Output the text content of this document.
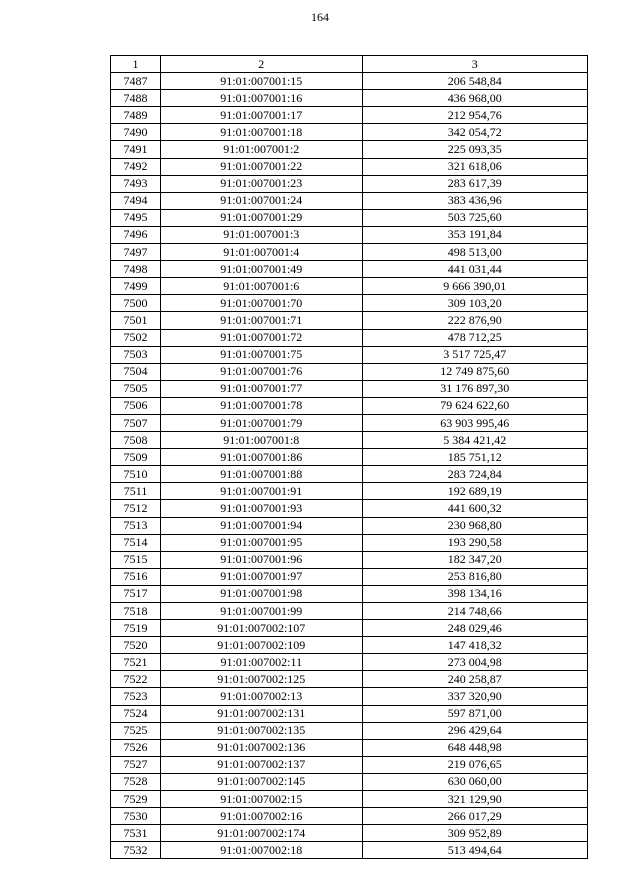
164
1	2	3
7487	91:01:007001:15	206 548,84
7488	91:01:007001:16	436 968,00
7489	91:01:007001:17	212 954,76
7490	91:01:007001:18	342 054,72
7491	91:01:007001:2	225 093,35
7492	91:01:007001:22	321 618,06
7493	91:01:007001:23	283 617,39
7494	91:01:007001:24	383 436,96
7495	91:01:007001:29	503 725,60
7496	91:01:007001:3	353 191,84
7497	91:01:007001:4	498 513,00
7498	91:01:007001:49	441 031,44
7499	91:01:007001:6	9 666 390,01
7500	91:01:007001:70	309 103,20
7501	91:01:007001:71	222 876,90
7502	91:01:007001:72	478 712,25
7503	91:01:007001:75	3 517 725,47
7504	91:01:007001:76	12 749 875,60
7505	91:01:007001:77	31 176 897,30
7506	91:01:007001:78	79 624 622,60
7507	91:01:007001:79	63 903 995,46
7508	91:01:007001:8	5 384 421,42
7509	91:01:007001:86	185 751,12
7510	91:01:007001:88	283 724,84
7511	91:01:007001:91	192 689,19
7512	91:01:007001:93	441 600,32
7513	91:01:007001:94	230 968,80
7514	91:01:007001:95	193 290,58
7515	91:01:007001:96	182 347,20
7516	91:01:007001:97	253 816,80
7517	91:01:007001:98	398 134,16
7518	91:01:007001:99	214 748,66
7519	91:01:007002:107	248 029,46
7520	91:01:007002:109	147 418,32
7521	91:01:007002:11	273 004,98
7522	91:01:007002:125	240 258,87
7523	91:01:007002:13	337 320,90
7524	91:01:007002:131	597 871,00
7525	91:01:007002:135	296 429,64
7526	91:01:007002:136	648 448,98
7527	91:01:007002:137	219 076,65
7528	91:01:007002:145	630 060,00
7529	91:01:007002:15	321 129,90
7530	91:01:007002:16	266 017,29
7531	91:01:007002:174	309 952,89
7532	91:01:007002:18	513 494,64
